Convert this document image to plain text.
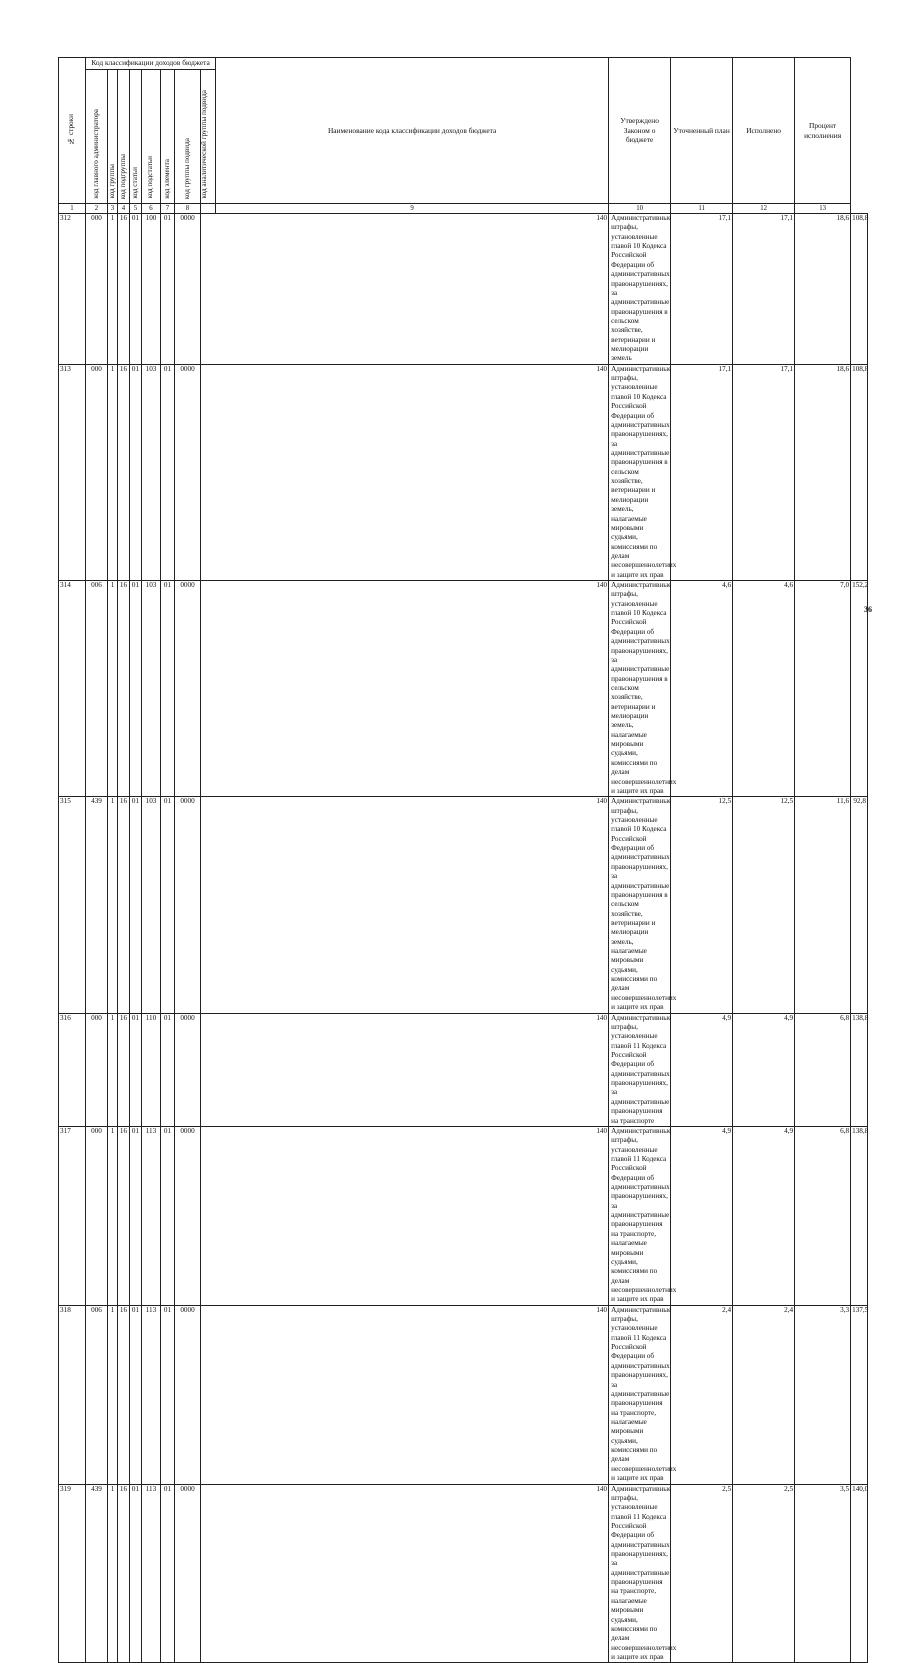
№ строки	Код классификации доходов бюджета								Наименование кода классификации доходов бюджета	Утверждено Законом о бюджете	Уточненный план	Исполнено	Процент исполнения	

	код главного администратора	код группы	код подгруппы	код статьи	код подстатьи	код элемента	код группы подвида	код аналитической группы подвида						

1	2	3	4	5	6	7	8		9	10	11	12	13	
312	000	1	16	01	100	01	0000	140		Административные штрафы, установленные главой 10 Кодекса Российской Федерации об административных правонарушениях, за административные правонарушения в сельском хозяйстве, ветеринарии и мелиорации земель	17,1	17,1	18,6	108,8
313	000	1	16	01	103	01	0000	140		Административные штрафы, установленные главой 10 Кодекса Российской Федерации об административных правонарушениях, за административные правонарушения в сельском хозяйстве, ветеринарии и мелиорации земель, налагаемые мировыми судьями, комиссиями по делам несовершеннолетних и защите их прав	17,1	17,1	18,6	108,8
314	006	1	16	01	103	01	0000	140		Административные штрафы, установленные главой 10 Кодекса Российской Федерации об административных правонарушениях, за административные правонарушения в сельском хозяйстве, ветеринарии и мелиорации земель, налагаемые мировыми судьями, комиссиями по делам несовершеннолетних и защите их прав	4,6	4,6	7,0	152,2
315	439	1	16	01	103	01	0000	140		Административные штрафы, установленные главой 10 Кодекса Российской Федерации об административных правонарушениях, за административные правонарушения в сельском хозяйстве, ветеринарии и мелиорации земель, налагаемые мировыми судьями, комиссиями по делам несовершеннолетних и защите их прав	12,5	12,5	11,6	92,8
316	000	1	16	01	110	01	0000	140		Административные штрафы, установленные главой 11 Кодекса Российской Федерации об административных правонарушениях, за административные правонарушения на транспорте	4,9	4,9	6,8	138,8
317	000	1	16	01	113	01	0000	140		Административные штрафы, установленные главой 11 Кодекса Российской Федерации об административных правонарушениях, за административные правонарушения на транспорте, налагаемые мировыми судьями, комиссиями по делам несовершеннолетних и защите их прав	4,9	4,9	6,8	138,8
318	006	1	16	01	113	01	0000	140		Административные штрафы, установленные главой 11 Кодекса Российской Федерации об административных правонарушениях, за административные правонарушения на транспорте, налагаемые мировыми судьями, комиссиями по делам несовершеннолетних и защите их прав	2,4	2,4	3,3	137,5
319	439	1	16	01	113	01	0000	140		Административные штрафы, установленные главой 11 Кодекса Российской Федерации об административных правонарушениях, за административные правонарушения на транспорте, налагаемые мировыми судьями, комиссиями по делам несовершеннолетних и защите их прав	2,5	2,5	3,5	140,0
36
